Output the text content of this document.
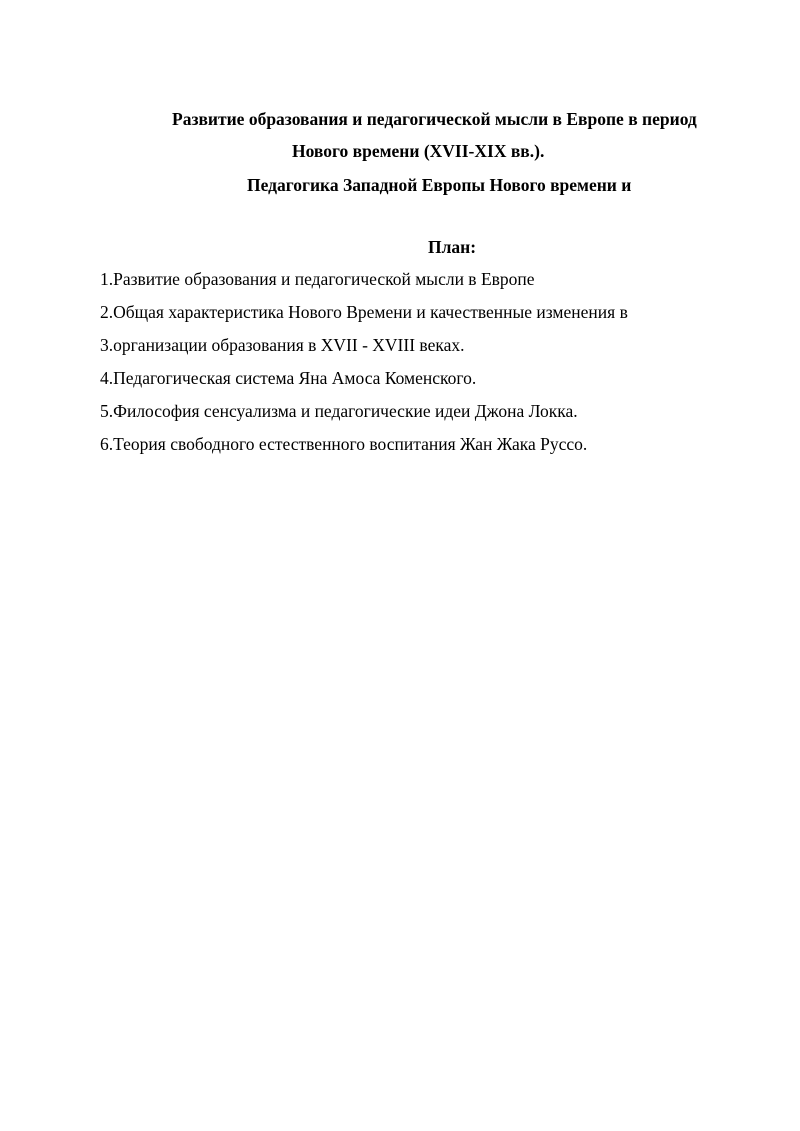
Развитие образования и педагогической мысли в Европе в период
Нового времени (XVII-XIX вв.).
Педагогика Западной Европы Нового времени и
План:
1.Развитие образования и педагогической мысли в Европе
2.Общая характеристика Нового Времени и качественные изменения в
3.организации образования в XVII - XVIII веках.
4.Педагогическая система Яна Амоса Коменского.
5.Философия сенсуализма и педагогические идеи Джона Локка.
6.Теория свободного естественного воспитания Жан Жака Руссо.
